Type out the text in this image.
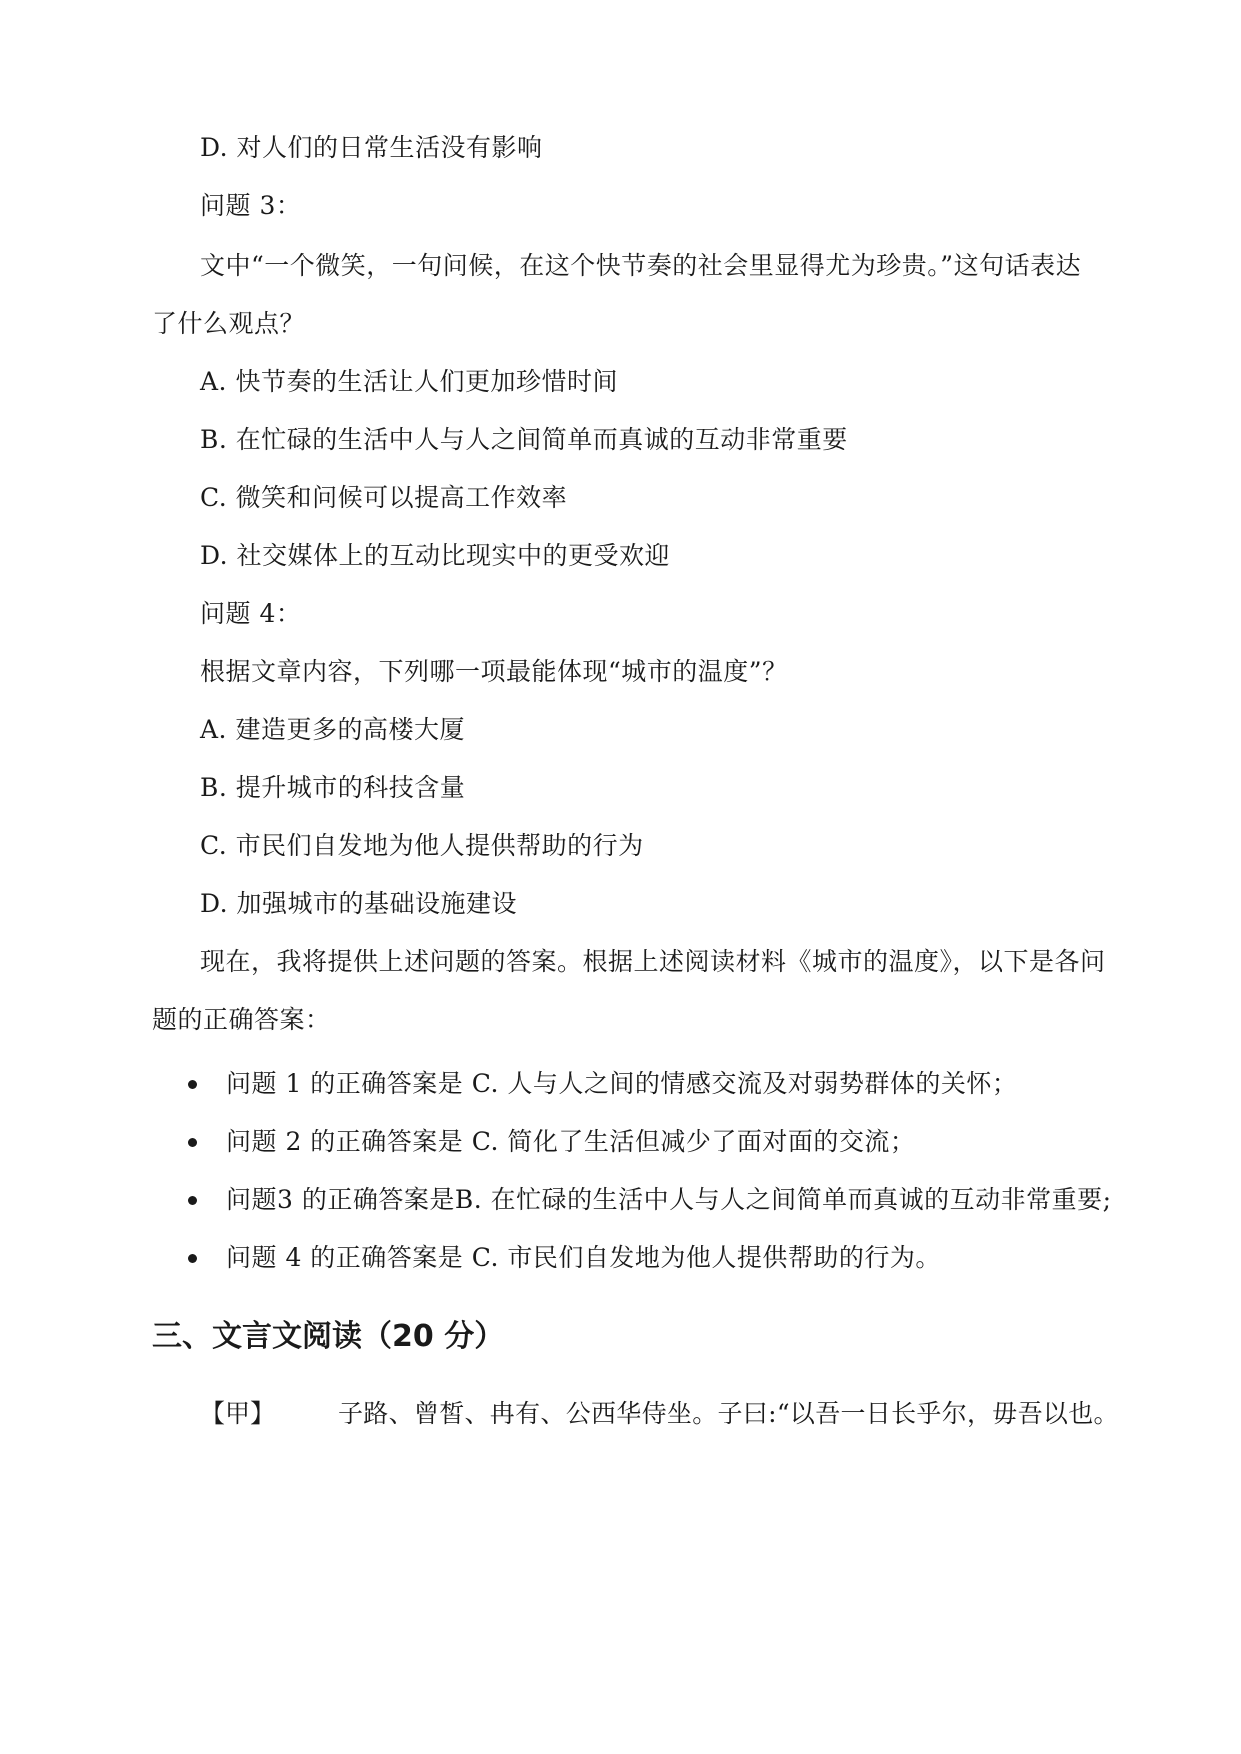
D. 对人们的日常生活没有影响
问题 3：
文中“一个微笑，一句问候，在这个快节奏的社会里显得尤为珍贵。”这句话表达
了什么观点？
A. 快节奏的生活让人们更加珍惜时间
B. 在忙碌的生活中人与人之间简单而真诚的互动非常重要
C. 微笑和问候可以提高工作效率
D. 社交媒体上的互动比现实中的更受欢迎
问题 4：
根据文章内容，下列哪一项最能体现“城市的温度”？
A. 建造更多的高楼大厦
B. 提升城市的科技含量
C. 市民们自发地为他人提供帮助的行为
D. 加强城市的基础设施建设
现在，我将提供上述问题的答案。根据上述阅读材料《城市的温度》，以下是各问
题的正确答案：
问题 1 的正确答案是 C. 人与人之间的情感交流及对弱势群体的关怀；
问题 2 的正确答案是 C. 简化了生活但减少了面对面的交流；
问题3 的正确答案是B. 在忙碌的生活中人与人之间简单而真诚的互动非常重要;
问题 4 的正确答案是 C. 市民们自发地为他人提供帮助的行为。
三、文言文阅读（20 分）
【甲】	子路、曾皙、冉有、公西华侍坐。子曰:“以吾一日长乎尔，毋吾以也。
